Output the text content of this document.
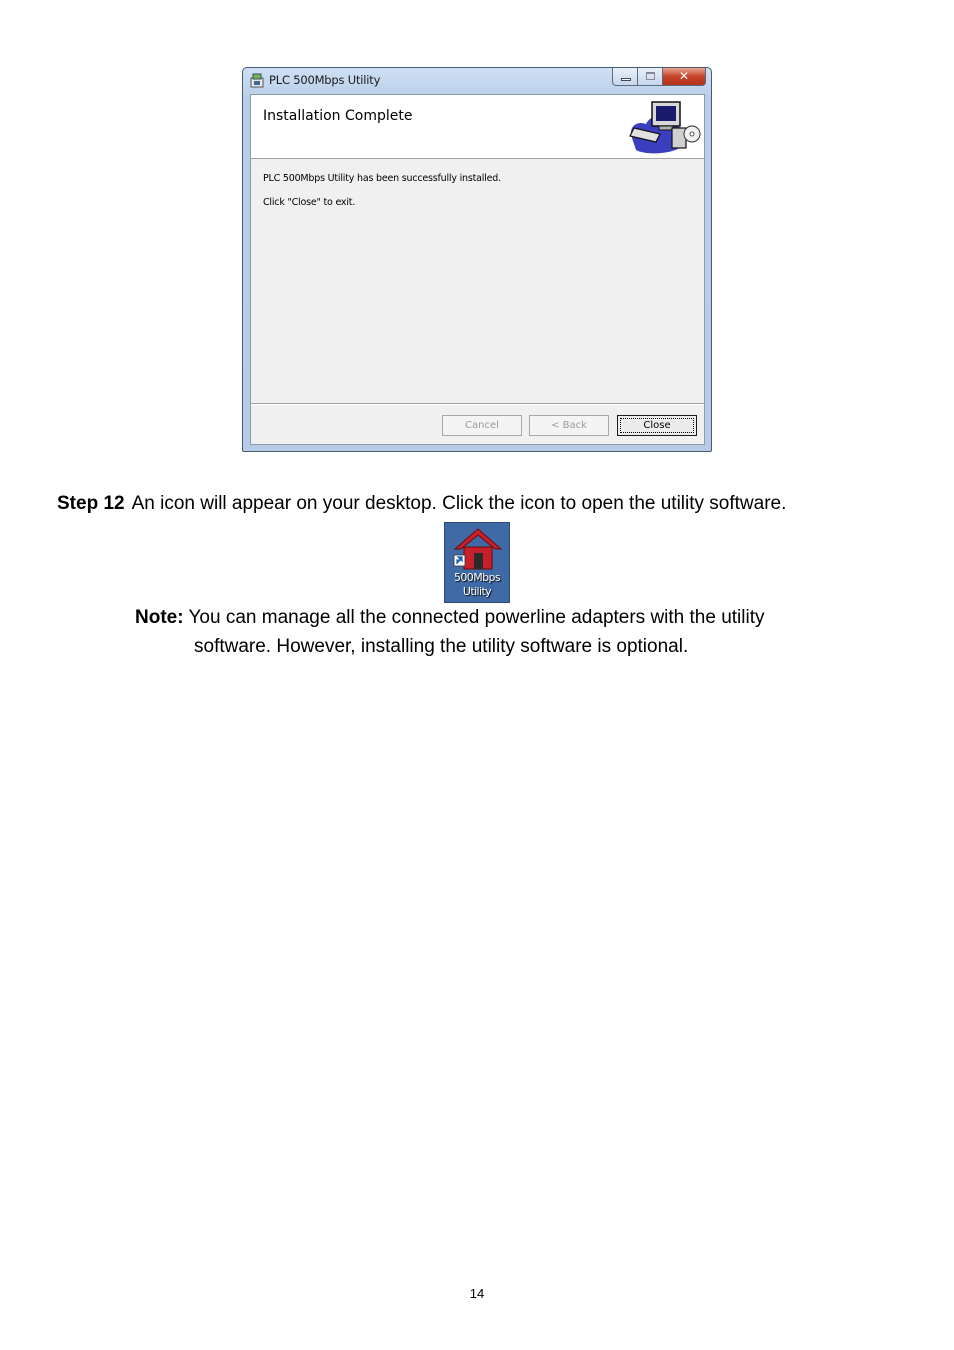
PLC 500Mbps Utility	✕
Installation Complete
PLC 500Mbps Utility has been successfully installed.
Click "Close" to exit.
Cancel	< Back	Close
Step 12 An icon will appear on your desktop. Click the icon to open the utility software.
500Mbps
Utility
Note: You can manage all the connected powerline adapters with the utility
software. However, installing the utility software is optional.
14
